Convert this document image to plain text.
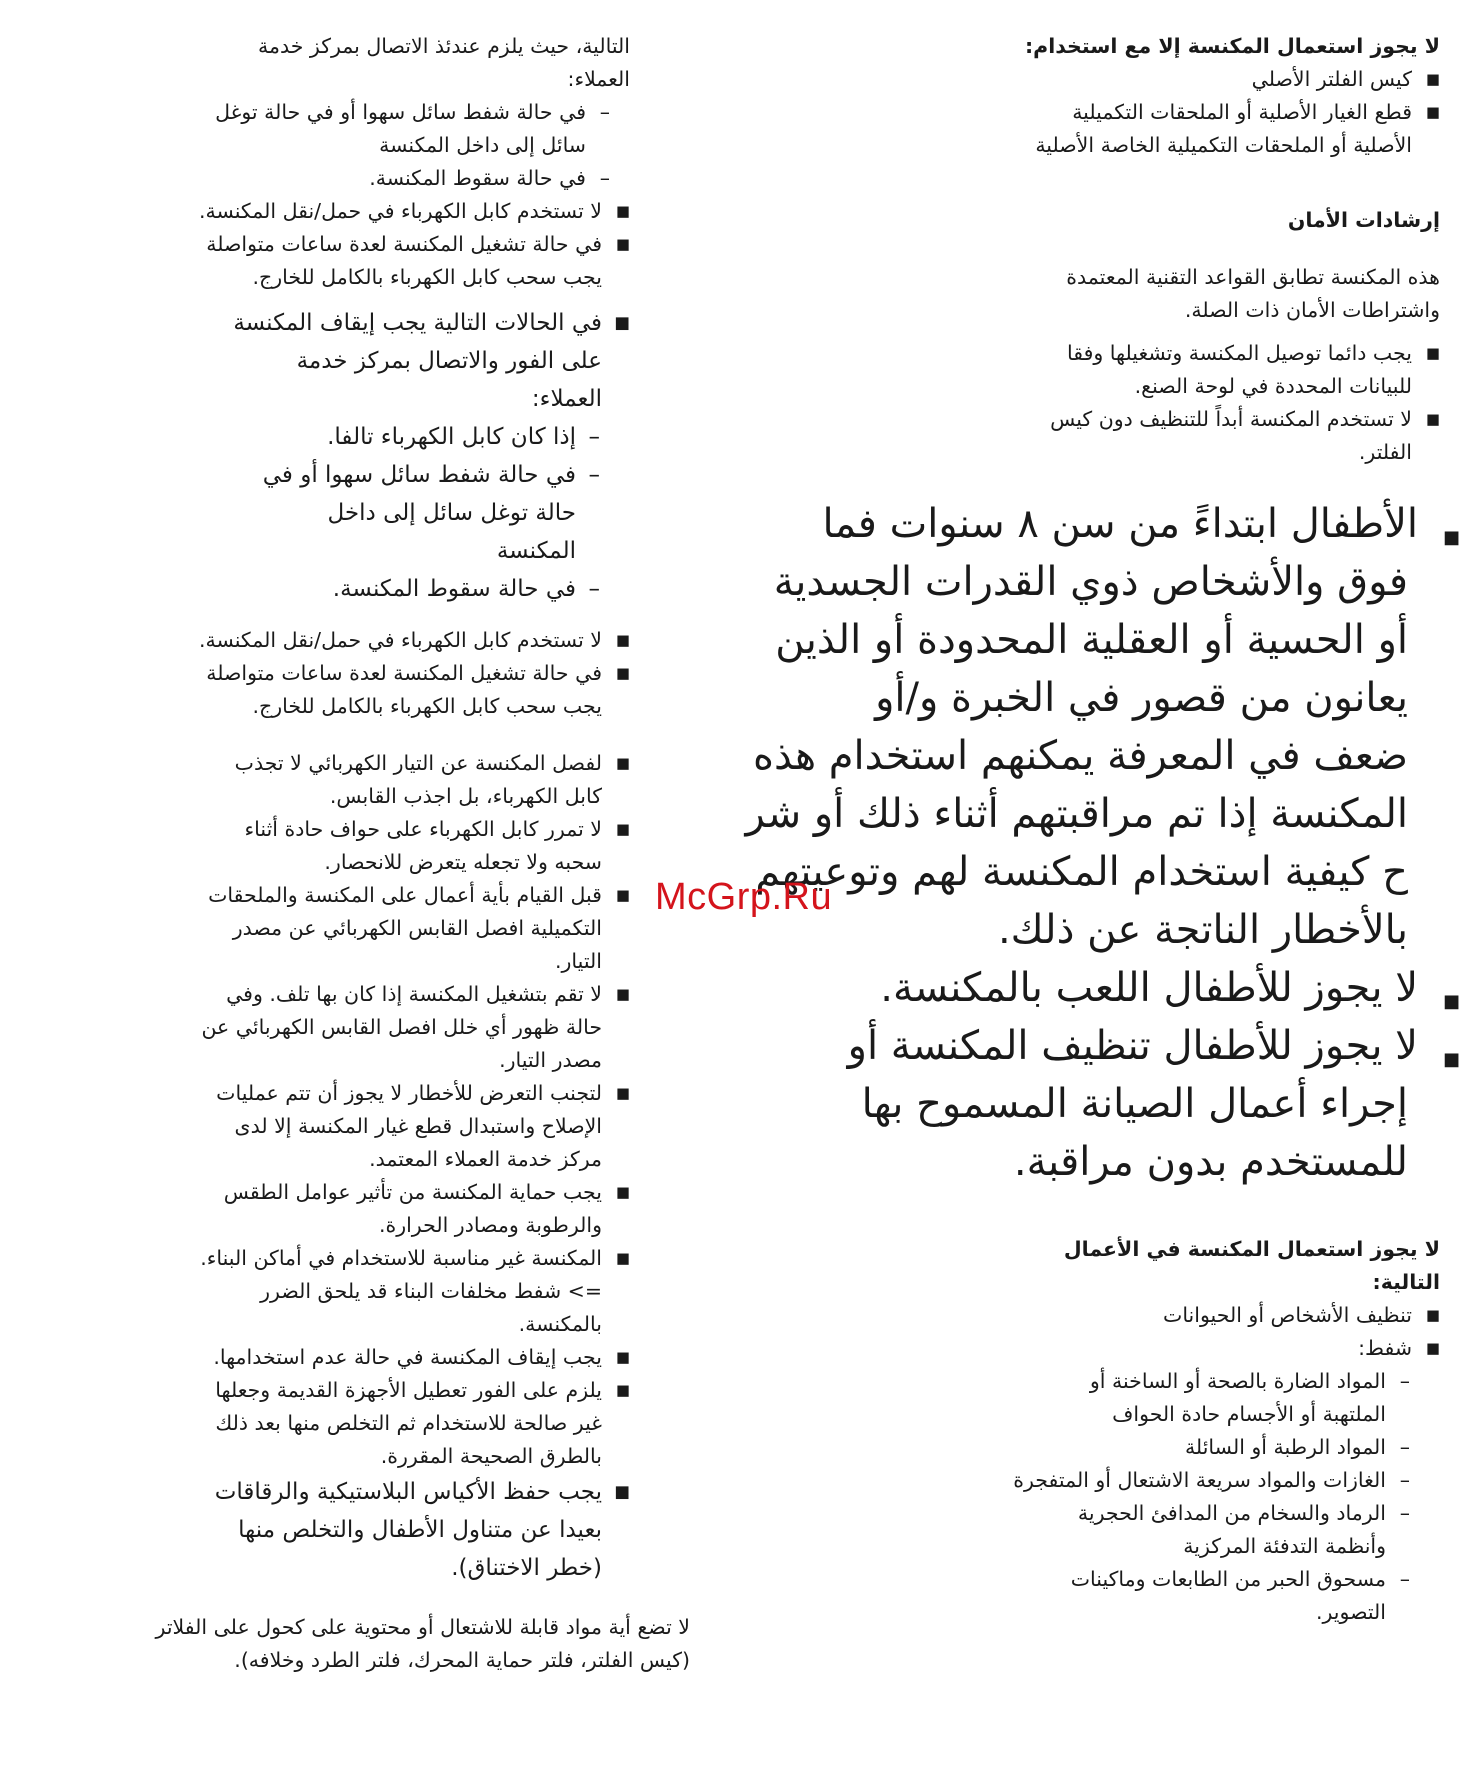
لا يجوز استعمال المكنسة إلا مع استخدام:
■ كيس الفلتر الأصلي
■ قطع الغيار الأصلية أو الملحقات التكميلية
الأصلية أو الملحقات التكميلية الخاصة الأصلية
إرشادات الأمان
هذه المكنسة تطابق القواعد التقنية المعتمدة
واشتراطات الأمان ذات الصلة.
■ يجب دائما توصيل المكنسة وتشغيلها وفقا
للبيانات المحددة في لوحة الصنع.
■ لا تستخدم المكنسة أبداً للتنظيف دون كيس
الفلتر.
■ الأطفال ابتداءً من سن ٨ سنوات فما
فوق والأشخاص ذوي القدرات الجسدية
أو الحسية أو العقلية المحدودة أو الذين
يعانون من قصور في الخبرة و/أو
ضعف في المعرفة يمكنهم استخدام هذه
المكنسة إذا تم مراقبتهم أثناء ذلك أو شر
ح كيفية استخدام المكنسة لهم وتوعيتهم
بالأخطار الناتجة عن ذلك.
■ لا يجوز للأطفال اللعب بالمكنسة.
■ لا يجوز للأطفال تنظيف المكنسة أو
إجراء أعمال الصيانة المسموح بها
للمستخدم بدون مراقبة.
لا يجوز استعمال المكنسة في الأعمال
التالية:
■ تنظيف الأشخاص أو الحيوانات
■ شفط:
– المواد الضارة بالصحة أو الساخنة أو
الملتهبة أو الأجسام حادة الحواف
– المواد الرطبة أو السائلة
– الغازات والمواد سريعة الاشتعال أو المتفجرة
– الرماد والسخام من المدافئ الحجرية
وأنظمة التدفئة المركزية
– مسحوق الحبر من الطابعات وماكينات
التصوير.
التالية، حيث يلزم عندئذ الاتصال بمركز خدمة
العملاء:
– في حالة شفط سائل سهوا أو في حالة توغل
سائل إلى داخل المكنسة
– في حالة سقوط المكنسة.
■ لا تستخدم كابل الكهرباء في حمل/نقل المكنسة.
■ في حالة تشغيل المكنسة لعدة ساعات متواصلة
يجب سحب كابل الكهرباء بالكامل للخارج.
■ في الحالات التالية يجب إيقاف المكنسة
على الفور والاتصال بمركز خدمة
العملاء:
– إذا كان كابل الكهرباء تالفا.
– في حالة شفط سائل سهوا أو في
حالة توغل سائل إلى داخل
المكنسة
– في حالة سقوط المكنسة.
■ لا تستخدم كابل الكهرباء في حمل/نقل المكنسة.
■ في حالة تشغيل المكنسة لعدة ساعات متواصلة
يجب سحب كابل الكهرباء بالكامل للخارج.
■ لفصل المكنسة عن التيار الكهربائي لا تجذب
كابل الكهرباء، بل اجذب القابس.
■ لا تمرر كابل الكهرباء على حواف حادة أثناء
سحبه ولا تجعله يتعرض للانحصار.
■ قبل القيام بأية أعمال على المكنسة والملحقات
التكميلية افصل القابس الكهربائي عن مصدر
التيار.
■ لا تقم بتشغيل المكنسة إذا كان بها تلف. وفي
حالة ظهور أي خلل افصل القابس الكهربائي عن
مصدر التيار.
■ لتجنب التعرض للأخطار لا يجوز أن تتم عمليات
الإصلاح واستبدال قطع غيار المكنسة إلا لدى
مركز خدمة العملاء المعتمد.
■ يجب حماية المكنسة من تأثير عوامل الطقس
والرطوبة ومصادر الحرارة.
■ المكنسة غير مناسبة للاستخدام في أماكن البناء.
=> شفط مخلفات البناء قد يلحق الضرر
بالمكنسة.
■ يجب إيقاف المكنسة في حالة عدم استخدامها.
■ يلزم على الفور تعطيل الأجهزة القديمة وجعلها
غير صالحة للاستخدام ثم التخلص منها بعد ذلك
بالطرق الصحيحة المقررة.
■ يجب حفظ الأكياس البلاستيكية والرقاقات
بعيدا عن متناول الأطفال والتخلص منها
(خطر الاختناق).
لا تضع أية مواد قابلة للاشتعال أو محتوية على كحول على الفلاتر
(كيس الفلتر، فلتر حماية المحرك، فلتر الطرد وخلافه).
McGrp.Ru
